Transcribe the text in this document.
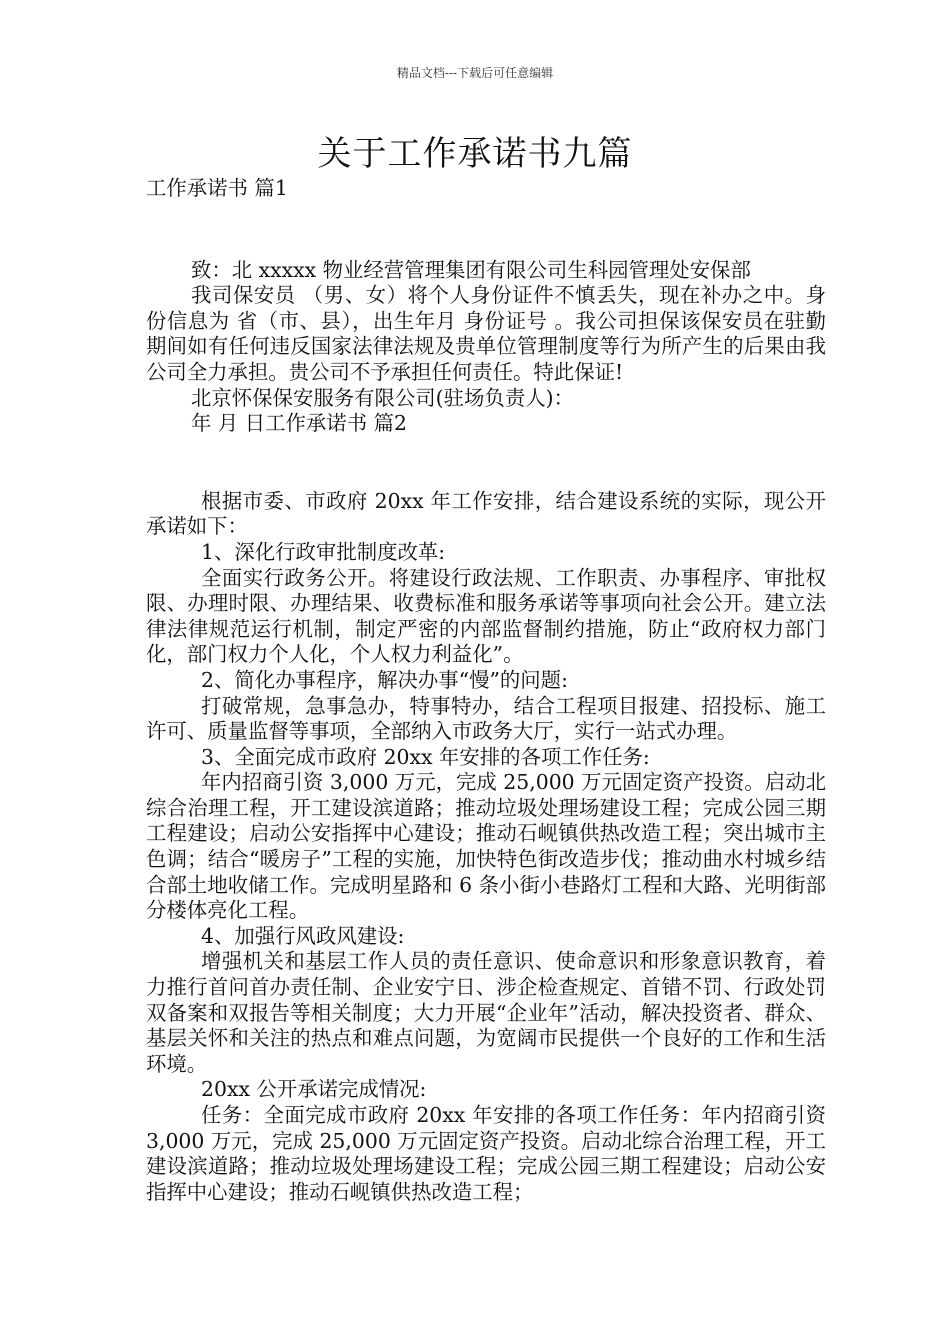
精品文档---下载后可任意编辑
关于工作承诺书九篇

工作承诺书 篇1

致：北 xxxxx 物业经营管理集团有限公司生科园管理处安保部

我司保安员 （男、女）将个人身份证件不慎丢失，现在补办之中。身份信息为 省（市、县），出生年月 身份证号 。我公司担保该保安员在驻勤期间如有任何违反国家法律法规及贵单位管理制度等行为所产生的后果由我公司全力承担。贵公司不予承担任何责任。特此保证!

北京怀保保安服务有限公司(驻场负责人)：

年 月 日工作承诺书 篇2

根据市委、市政府 20xx 年工作安排，结合建设系统的实际，现公开承诺如下：

1、深化行政审批制度改革:

全面实行政务公开。将建设行政法规、工作职责、办事程序、审批权限、办理时限、办理结果、收费标准和服务承诺等事项向社会公开。建立法律法律规范运行机制，制定严密的内部监督制约措施，防止“政府权力部门化，部门权力个人化，个人权力利益化”。

2、简化办事程序，解决办事“慢”的问题:

打破常规，急事急办，特事特办，结合工程项目报建、招投标、施工许可、质量监督等事项，全部纳入市政务大厅，实行一站式办理。

3、全面完成市政府 20xx 年安排的各项工作任务:

年内招商引资 3,000 万元，完成 25,000 万元固定资产投资。启动北综合治理工程，开工建设滨道路；推动垃圾处理场建设工程；完成公园三期工程建设；启动公安指挥中心建设；推动石岘镇供热改造工程；突出城市主色调；结合“暖房子”工程的实施，加快特色街改造步伐；推动曲水村城乡结合部土地收储工作。完成明星路和 6 条小街小巷路灯工程和大路、光明街部分楼体亮化工程。

4、加强行风政风建设:

增强机关和基层工作人员的责任意识、使命意识和形象意识教育，着力推行首问首办责任制、企业安宁日、涉企检查规定、首错不罚、行政处罚双备案和双报告等相关制度；大力开展“企业年”活动，解决投资者、群众、基层关怀和关注的热点和难点问题，为宽阔市民提供一个良好的工作和生活环境。

20xx 公开承诺完成情况:

任务：全面完成市政府 20xx 年安排的各项工作任务：年内招商引资 3,000 万元，完成 25,000 万元固定资产投资。启动北综合治理工程，开工建设滨道路；推动垃圾处理场建设工程；完成公园三期工程建设；启动公安指挥中心建设；推动石岘镇供热改造工程；
